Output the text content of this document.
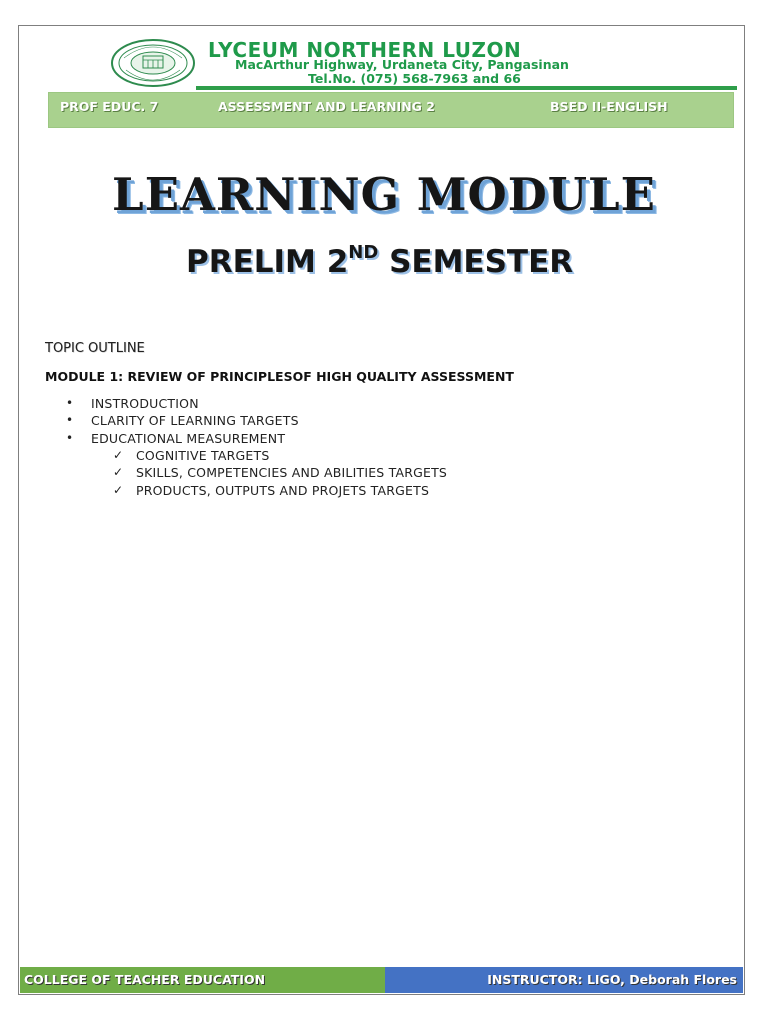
LYCEUM NORTHERN LUZON
MacArthur Highway, Urdaneta City, Pangasinan
Tel.No. (075) 568-7963 and 66
PROF EDUC. 7	ASSESSMENT AND LEARNING 2	BSED II-ENGLISH
LEARNING MODULE
PRELIM 2ND SEMESTER
TOPIC OUTLINE
MODULE 1: REVIEW OF PRINCIPLESOF HIGH QUALITY ASSESSMENT
• INSTRODUCTION
• CLARITY OF LEARNING TARGETS
• EDUCATIONAL MEASUREMENT
✓ COGNITIVE TARGETS
✓ SKILLS, COMPETENCIES AND ABILITIES TARGETS
✓ PRODUCTS, OUTPUTS AND PROJETS TARGETS
COLLEGE OF TEACHER EDUCATION	INSTRUCTOR: LIGO, Deborah Flores
